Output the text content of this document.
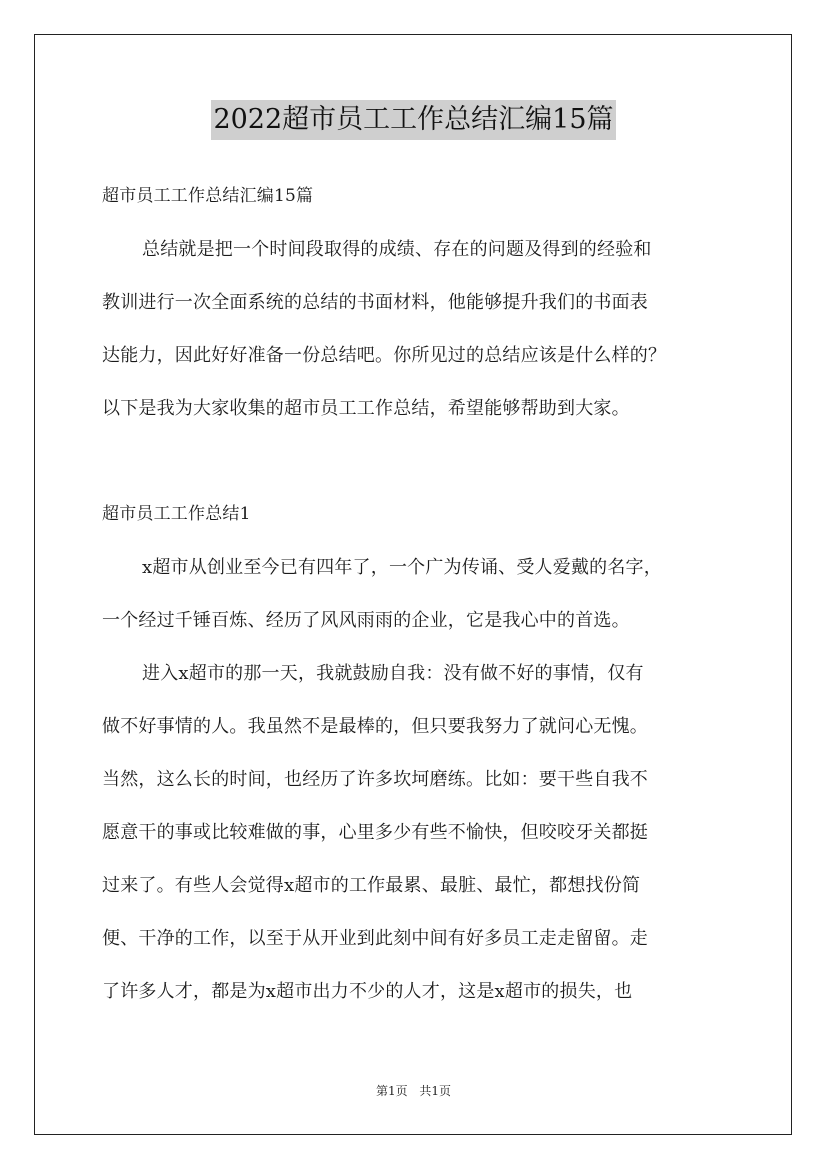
2022超市员工工作总结汇编15篇
超市员工工作总结汇编15篇
总结就是把一个时间段取得的成绩、存在的问题及得到的经验和
教训进行一次全面系统的总结的书面材料，他能够提升我们的书面表
达能力，因此好好准备一份总结吧。你所见过的总结应该是什么样的？
以下是我为大家收集的超市员工工作总结，希望能够帮助到大家。
超市员工工作总结1
x超市从创业至今已有四年了，一个广为传诵、受人爱戴的名字，
一个经过千锤百炼、经历了风风雨雨的企业，它是我心中的首选。
进入x超市的那一天，我就鼓励自我：没有做不好的事情，仅有
做不好事情的人。我虽然不是最棒的，但只要我努力了就问心无愧。
当然，这么长的时间，也经历了许多坎坷磨练。比如：要干些自我不
愿意干的事或比较难做的事，心里多少有些不愉快，但咬咬牙关都挺
过来了。有些人会觉得x超市的工作最累、最脏、最忙，都想找份简
便、干净的工作，以至于从开业到此刻中间有好多员工走走留留。走
了许多人才，都是为x超市出力不少的人才，这是x超市的损失，也
第1页 共1页
